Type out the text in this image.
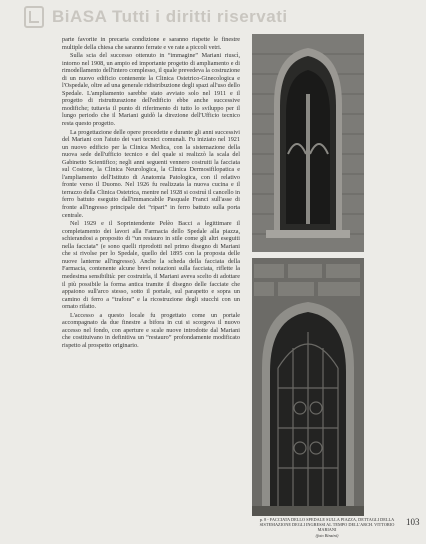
BiASA Tutti i diritti riservati

parte favorite in precaria condizione e saranno rispette le finestre multiple della chiesa che saranno ferrate e ve rate a piccoli vetri.

Sulla scia del successo ottenuto in “immagine” Mariani riuscì, intorno nel 1908, un ampio ed importante progetto di ampliamento e di rimodellamento dell'intero complesso, il quale prevedeva la costruzione di un nuovo edificio contenente la Clinica Ostetrico-Ginecologica e l'Ospedale, oltre ad una generale ridistribuzione degli spazi all'uso dello Spedale. L'ampliamento sarebbe stato avviato solo nel 1911 e il progetto di ristrutturazione dell'edificio ebbe anche successive modifiche; tuttavia il punto di riferimento di tutto lo sviluppo per il lungo periodo che il Mariani guidò la direzione dell'Ufficio tecnico resta questo progetto.

La progettazione delle opere procedette e durante gli anni successivi del Mariani con l'aiuto dei vari tecnici comunali. Fu iniziato nel 1921 un nuovo edificio per la Clinica Medica, con la sistemazione della nuova sede dell'ufficio tecnico e del quale si realizzò la scala del Gabinetto Scientifico; negli anni seguenti vennero costruiti la facciata sul Costone, la Clinica Neurologica, la Clinica Dermosifilopatica e l'ampliamento dell'Istituto di Anatomia Patologica, con il relativo fronte verso il Duomo. Nel 1926 fu realizzata la nuova cucina e il terrazzo della Clinica Ostetrica, mentre nel 1928 si costruì il cancello in ferro battuto eseguito dall'immancabile Pasquale Franci sull'asse di fronte all'ingresso principale dei “ripari” in ferro battuto sulla porta centrale.

Nel 1929 e il Soprintendente Pelèo Bacci a legittimare il completamento dei lavori alla Farmacia dello Spedale alla piazza, schierandosi a proposito di “un restauro in stile come gli altri eseguiti nella facciata” (e sono quelli riprodotti nel primo disegno di Mariani che si rivolse per lo Spedale, quello del 1895 con la proposta delle nuove lanterne all'ingresso). Anche la scheda della facciata della Farmacia, contenente alcune brevi notazioni sulla facciata, riflette la medesima sensibilità: per costruirla, il Mariani aveva scelto di adottare il più possibile la forma antica tramite il disegno delle facciate che appaiono sull'arco stesso, sotto il portale, sul parapetto e sopra un camino di ferro a “trafora” e la ricostruzione degli stucchi con un ornato rifatto.

L'accesso a questo locale fu progettato come un portale accompagnato da due finestre a bifora in cui si scorgeva il nuovo accesso nel fondo, con aperture e scale nuove introdotte dal Mariani che costituivano in definitiva un “restauro” profondamente modificato rispetto al prospetto originario.

p. 8 - FACCIATA DELLO SPEDALE SULLA PIAZZA, DETTAGLI DELLA SISTEMAZIONE DEGLI INGRESSI AL TEMPO DELL'ARCH. VITTORIO MARIANI
(foto Binzini)
103
